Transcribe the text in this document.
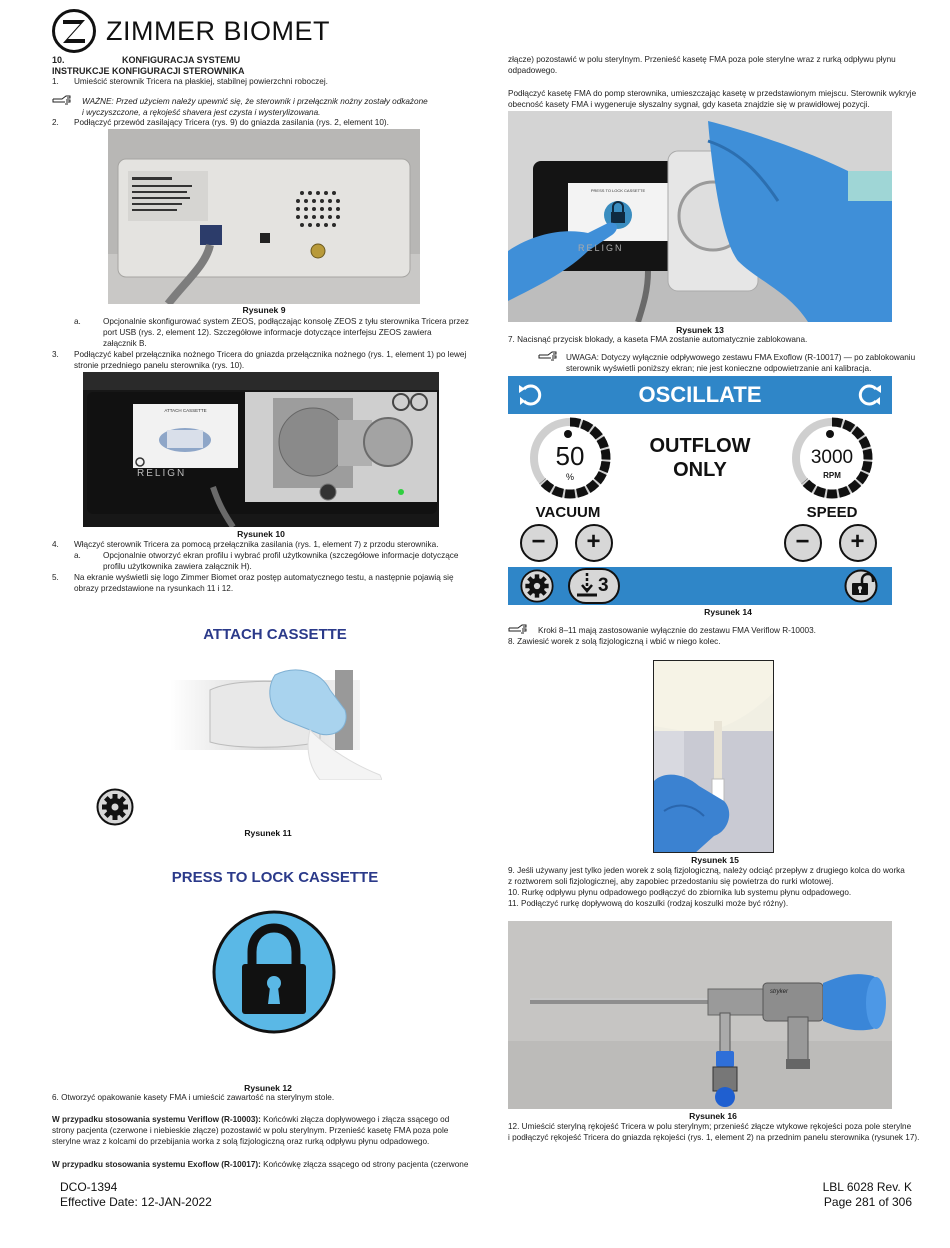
ZIMMER BIOMET
10.	KONFIGURACJA SYSTEMU
INSTRUKCJE KONFIGURACJI STEROWNIKA
1. Umieścić sterownik Tricera na płaskiej, stabilnej powierzchni roboczej.
WAŻNE: Przed użyciem należy upewnić się, że sterownik i przełącznik nożny zostały odkażone
i wyczyszczone, a rękojeść shavera jest czysta i wysterylizowana.
2. Podłączyć przewód zasilający Tricera (rys. 9) do gniazda zasilania (rys. 2, element 10).
Rysunek 9
a.	Opcjonalnie skonfigurować system ZEOS, podłączając konsolę ZEOS z tyłu sterownika Tricera przez
port USB (rys. 2, element 12). Szczegółowe informacje dotyczące interfejsu ZEOS zawiera
załącznik B.
3. Podłączyć kabel przełącznika nożnego Tricera do gniazda przełącznika nożnego (rys. 1, element 1) po lewej
stronie przedniego panelu sterownika (rys. 10).
ATTACH CASSETTE
RELIGN
Rysunek 10
4. Włączyć sterownik Tricera za pomocą przełącznika zasilania (rys. 1, element 7) z przodu sterownika.
a.	Opcjonalnie otworzyć ekran profilu i wybrać profil użytkownika (szczegółowe informacje dotyczące
profilu użytkownika zawiera załącznik H).
5. Na ekranie wyświetli się logo Zimmer Biomet oraz postęp automatycznego testu, a następnie pojawią się
obrazy przedstawione na rysunkach 11 i 12.
ATTACH CASSETTE
Rysunek 11
PRESS TO LOCK CASSETTE
Rysunek 12
6. Otworzyć opakowanie kasety FMA i umieścić zawartość na sterylnym stole.
W przypadku stosowania systemu Veriflow (R-10003): Końcówki złącza dopływowego i złącza ssącego od
strony pacjenta (czerwone i niebieskie złącze) pozostawić w polu sterylnym. Przenieść kasetę FMA poza pole
sterylne wraz z kolcami do przebijania worka z solą fizjologiczną oraz rurką odpływu płynu odpadowego.
W przypadku stosowania systemu Exoflow (R-10017): Końcówkę złącza ssącego od strony pacjenta (czerwone
złącze) pozostawić w polu sterylnym. Przenieść kasetę FMA poza pole sterylne wraz z rurką odpływu płynu
odpadowego.
Podłączyć kasetę FMA do pomp sterownika, umieszczając kasetę w przedstawionym miejscu. Sterownik wykryje
obecność kasety FMA i wygeneruje słyszalny sygnał, gdy kaseta znajdzie się w prawidłowej pozycji.
PRESS TO LOCK CASSETTE
RELIGN
Rysunek 13
7. Nacisnąć przycisk blokady, a kaseta FMA zostanie automatycznie zablokowana.
UWAGA: Dotyczy wyłącznie odpływowego zestawu FMA Exoflow (R-10017) — po zablokowaniu
sterownik wyświetli poniższy ekran; nie jest konieczne odpowietrzanie ani kalibracja.
OSCILLATE
50
%
VACUUM
OUTFLOW
ONLY
3000
RPM
SPEED
−	+	−	+
3
Rysunek 14
Kroki 8–11 mają zastosowanie wyłącznie do zestawu FMA Veriflow R-10003.
8. Zawiesić worek z solą fizjologiczną i wbić w niego kolec.
Rysunek 15
9. Jeśli używany jest tylko jeden worek z solą fizjologiczną, należy odciąć przepływ z drugiego kolca do worka
z roztworem soli fizjologicznej, aby zapobiec przedostaniu się powietrza do rurki wlotowej.
10. Rurkę odpływu płynu odpadowego podłączyć do zbiornika lub systemu płynu odpadowego.
11. Podłączyć rurkę dopływową do koszulki (rodzaj koszulki może być różny).
stryker
Rysunek 16
12. Umieścić sterylną rękojeść Tricera w polu sterylnym; przenieść złącze wtykowe rękojeści poza pole sterylne
i podłączyć rękojeść Tricera do gniazda rękojeści (rys. 1, element 2) na przednim panelu sterownika (rysunek 17).
DCO-1394
Effective Date: 12-JAN-2022
LBL 6028 Rev. K
Page 281 of 306
